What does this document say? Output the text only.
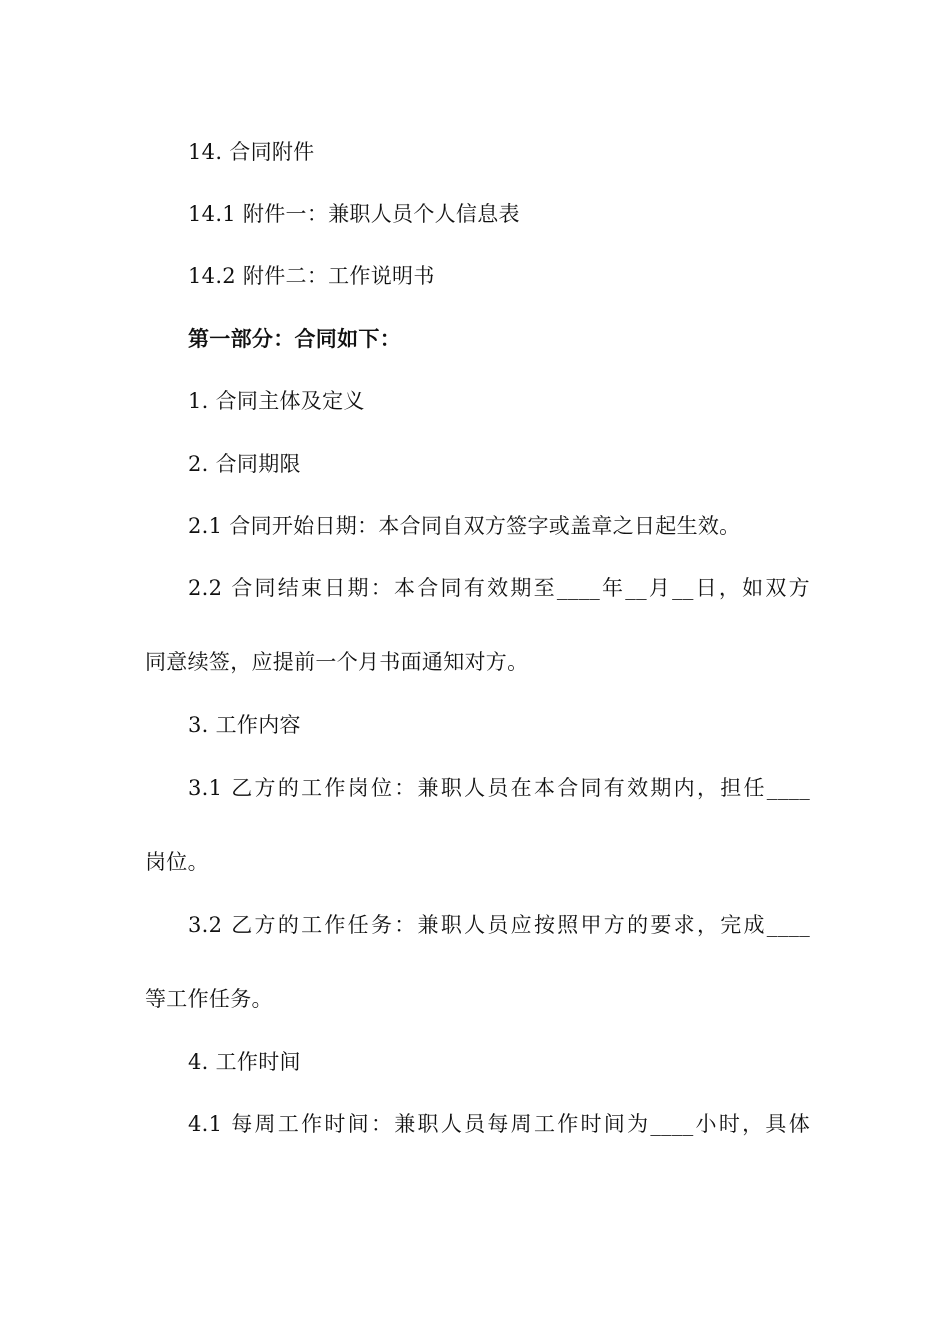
14. 合同附件
14.1 附件一：兼职人员个人信息表
14.2 附件二：工作说明书
第一部分：合同如下：
1. 合同主体及定义
2. 合同期限
2.1 合同开始日期：本合同自双方签字或盖章之日起生效。
2.2 合同结束日期：本合同有效期至____年__月__日，如双方
同意续签，应提前一个月书面通知对方。
3. 工作内容
3.1 乙方的工作岗位：兼职人员在本合同有效期内，担任____
岗位。
3.2 乙方的工作任务：兼职人员应按照甲方的要求，完成____
等工作任务。
4. 工作时间
4.1 每周工作时间：兼职人员每周工作时间为____小时，具体
